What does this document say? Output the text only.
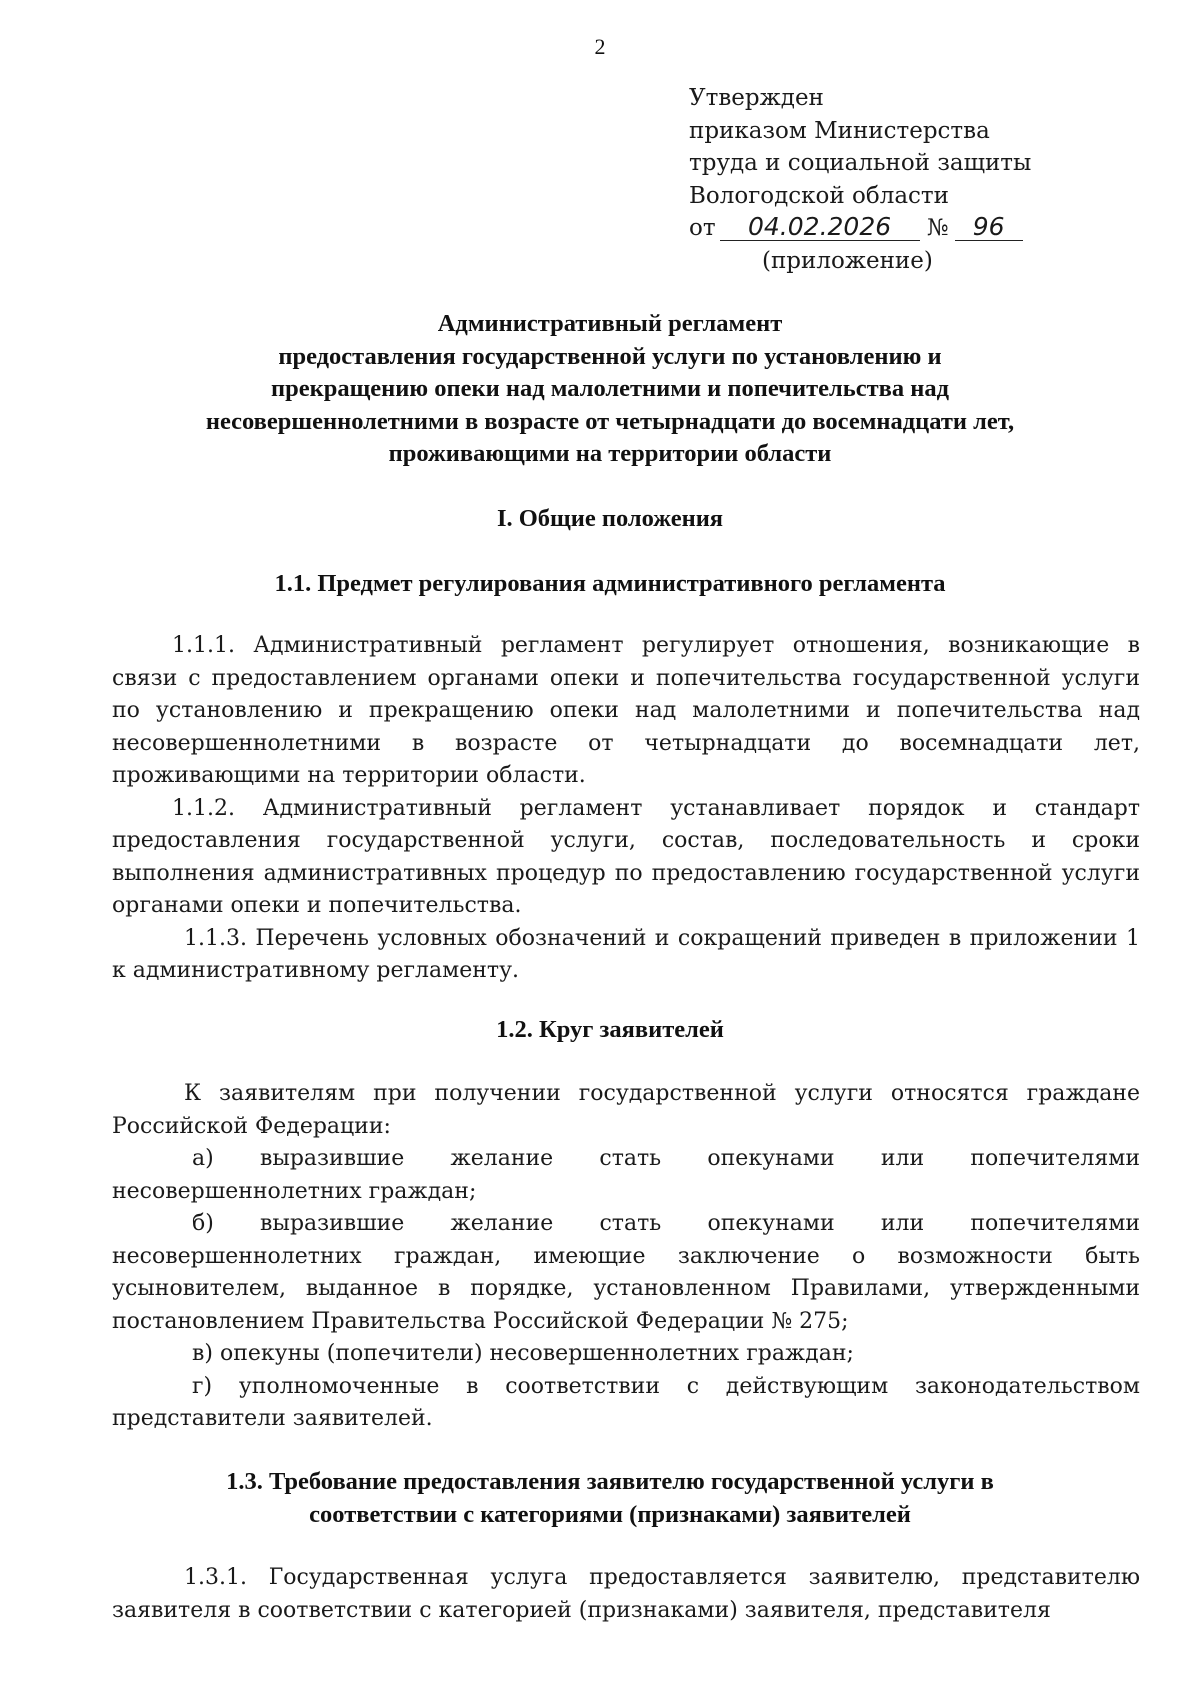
2
Утвержден
приказом Министерства
труда и социальной защиты
Вологодской области
от 04.02.2026 № 96
(приложение)
Административный регламент
предоставления государственной услуги по установлению и
прекращению опеки над малолетними и попечительства над
несовершеннолетними в возрасте от четырнадцати до восемнадцати лет,
проживающими на территории области
I. Общие положения
1.1. Предмет регулирования административного регламента

1.1.1. Административный регламент регулирует отношения, возникающие в связи с предоставлением органами опеки и попечительства государственной услуги по установлению и прекращению опеки над малолетними и попечительства над несовершеннолетними в возрасте от четырнадцати до восемнадцати лет, проживающими на территории области.

1.1.2. Административный регламент устанавливает порядок и стандарт предоставления государственной услуги, состав, последовательность и сроки выполнения административных процедур по предоставлению государственной услуги органами опеки и попечительства.

1.1.3. Перечень условных обозначений и сокращений приведен в приложении 1 к административному регламенту.

1.2. Круг заявителей

К заявителям при получении государственной услуги относятся граждане Российской Федерации:

а) выразившие желание стать опекунами или попечителями несовершеннолетних граждан;

б) выразившие желание стать опекунами или попечителями несовершеннолетних граждан, имеющие заключение о возможности быть усыновителем, выданное в порядке, установленном Правилами, утвержденными постановлением Правительства Российской Федерации № 275;

в) опекуны (попечители) несовершеннолетних граждан;

г) уполномоченные в соответствии с действующим законодательством представители заявителей.

1.3. Требование предоставления заявителю государственной услуги в
соответствии с категориями (признаками) заявителей

1.3.1. Государственная услуга предоставляется заявителю, представителю заявителя в соответствии с категорией (признаками) заявителя, представителя
